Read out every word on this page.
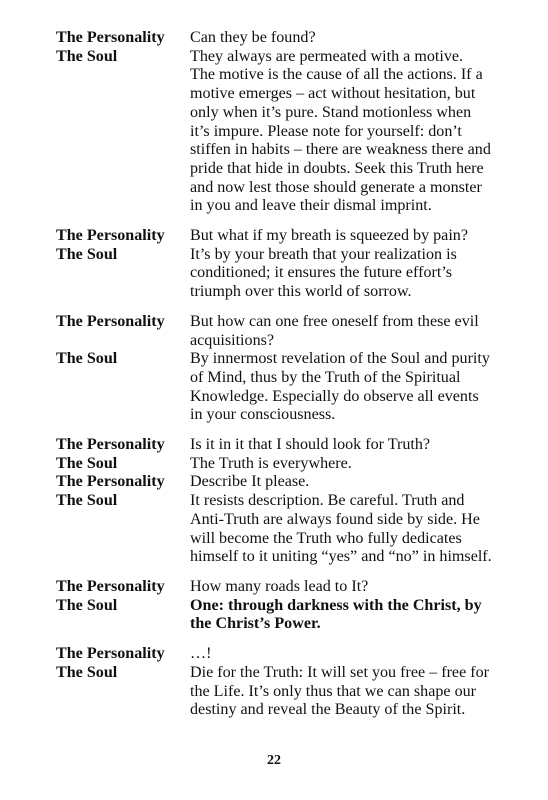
The Personality	Can they be found?
The Soul	They always are permeated with a motive.
The motive is the cause of all the actions. If a
motive emerges – act without hesitation, but
only when it’s pure. Stand motionless when
it’s impure. Please note for yourself: don’t
stiffen in habits – there are weakness there and
pride that hide in doubts. Seek this Truth here
and now lest those should generate a monster
in you and leave their dismal imprint.
The Personality	But what if my breath is squeezed by pain?
The Soul	It’s by your breath that your realization is
conditioned; it ensures the future effort’s
triumph over this world of sorrow.
The Personality	But how can one free oneself from these evil
acquisitions?
The Soul	By innermost revelation of the Soul and purity
of Mind, thus by the Truth of the Spiritual
Knowledge. Especially do observe all events
in your consciousness.
The Personality	Is it in it that I should look for Truth?
The Soul	The Truth is everywhere.
The Personality	Describe It please.
The Soul	It resists description. Be careful. Truth and
Anti-Truth are always found side by side. He
will become the Truth who fully dedicates
himself to it uniting “yes” and “no” in himself.
The Personality	How many roads lead to It?
The Soul	One: through darkness with the Christ, by
the Christ’s Power.
The Personality	…!
The Soul	Die for the Truth: It will set you free – free for
the Life. It’s only thus that we can shape our
destiny and reveal the Beauty of the Spirit.
22
